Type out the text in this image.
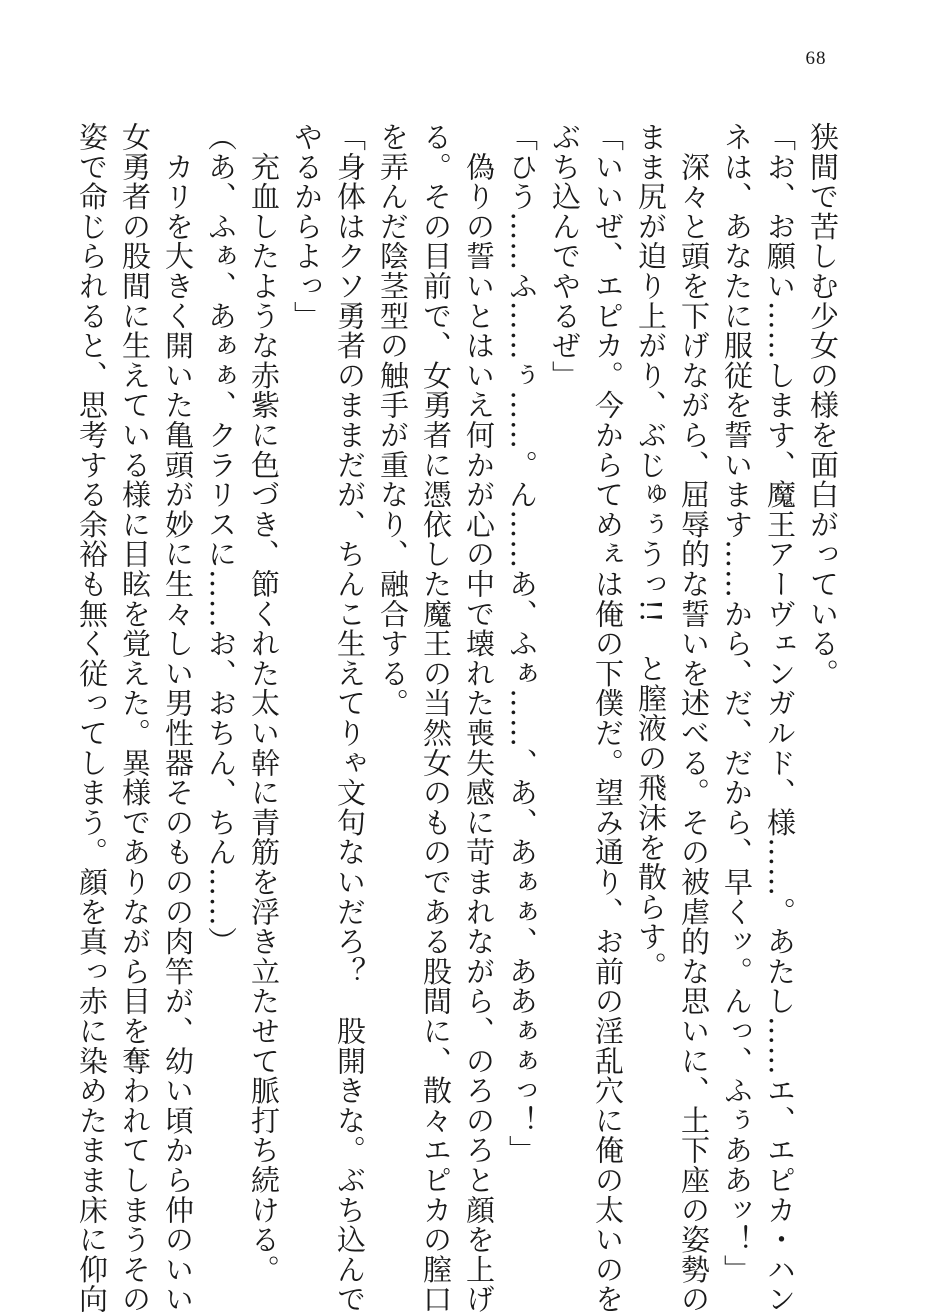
68

狭間で苦しむ少女の様を面白がっている。

「お、お願い……します、魔王アーヴェンガルド、様……。あたし……エ、エピカ・ハン

ネは、あなたに服従を誓います……から、だ、だから、早くッ。んっ、ふぅああッ！」

　深々と頭を下げながら、屈辱的な誓いを述べる。その被虐的な思いに、土下座の姿勢の

まま尻が迫り上がり、ぶじゅぅうっ!!　と膣液の飛沫を散らす。

「いいぜ、エピカ。今からてめぇは俺の下僕だ。望み通り、お前の淫乱穴に俺の太いのを

ぶち込んでやるぜ」

「ひう……ふ……ぅ……。ん……あ、ふぁ……、あ、あぁぁ、ああぁぁっ！」

　偽りの誓いとはいえ何かが心の中で壊れた喪失感に苛まれながら、のろのろと顔を上げ

る。その目前で、女勇者に憑依した魔王の当然女のものである股間に、散々エピカの膣口

を弄んだ陰茎型の触手が重なり、融合する。

「身体はクソ勇者のままだが、ちんこ生えてりゃ文句ないだろ？　股開きな。ぶち込んで

やるからよっ」

　充血したような赤紫に色づき、節くれた太い幹に青筋を浮き立たせて脈打ち続ける。

（あ、ふぁ、あぁぁ、クラリスに……お、おちん、ちん……）

　カリを大きく開いた亀頭が妙に生々しい男性器そのものの肉竿が、幼い頃から仲のいい

女勇者の股間に生えている様に目眩を覚えた。異様でありながら目を奪われてしまうその

姿で命じられると、思考する余裕も無く従ってしまう。顔を真っ赤に染めたまま床に仰向
